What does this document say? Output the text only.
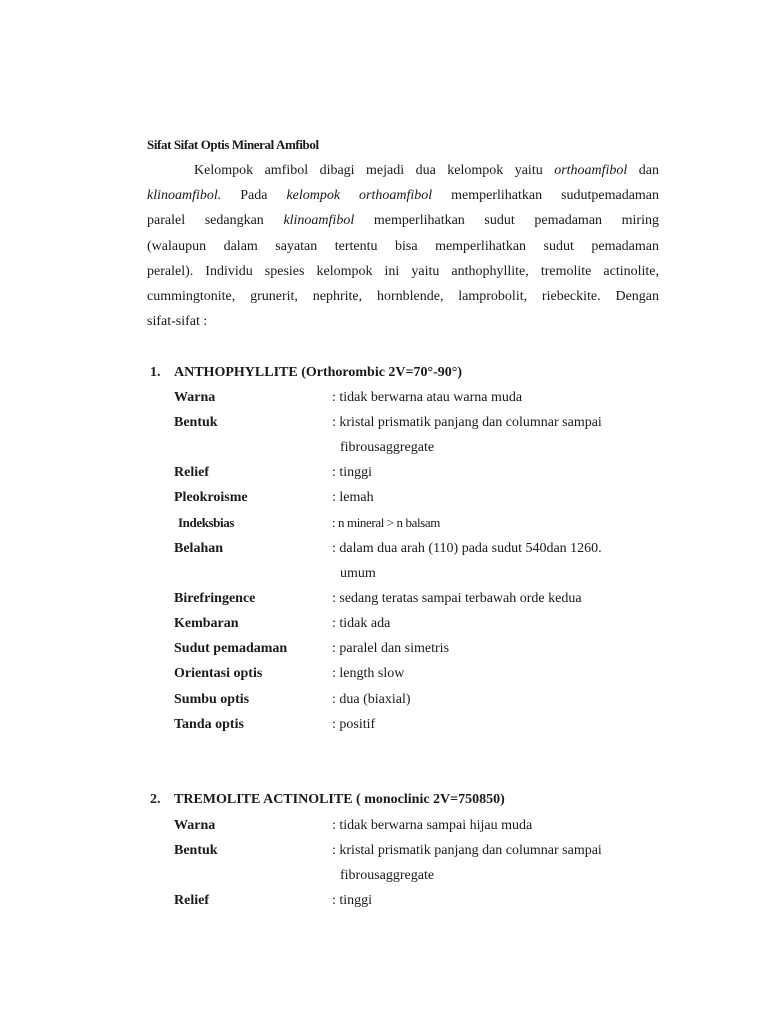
Sifat Sifat Optis Mineral Amfibol
Kelompok amfibol dibagi mejadi dua kelompok yaitu orthoamfibol dan
klinoamfibol. Pada kelompok orthoamfibol memperlihatkan sudutpemadaman
paralel sedangkan klinoamfibol memperlihatkan sudut pemadaman miring
(walaupun dalam sayatan tertentu bisa memperlihatkan sudut pemadaman
peralel). Individu spesies kelompok ini yaitu anthophyllite, tremolite actinolite,
cummingtonite, grunerit, nephrite, hornblende, lamprobolit, riebeckite. Dengan
sifat-sifat :
1. ANTHOPHYLLITE (Orthorombic 2V=70°-90°)
Warna	: tidak berwarna atau warna muda
Bentuk	: kristal prismatik panjang dan columnar sampai
fibrousaggregate
Relief	: tinggi
Pleokroisme	: lemah
Indeksbias	: n mineral > n balsam
Belahan	: dalam dua arah (110) pada sudut 540dan 1260.
umum
Birefringence	: sedang teratas sampai terbawah orde kedua
Kembaran	: tidak ada
Sudut pemadaman	: paralel dan simetris
Orientasi optis	: length slow
Sumbu optis	: dua (biaxial)
Tanda optis	: positif
2. TREMOLITE ACTINOLITE ( monoclinic 2V=750850)
Warna	: tidak berwarna sampai hijau muda
Bentuk	: kristal prismatik panjang dan columnar sampai
fibrousaggregate
Relief	: tinggi
